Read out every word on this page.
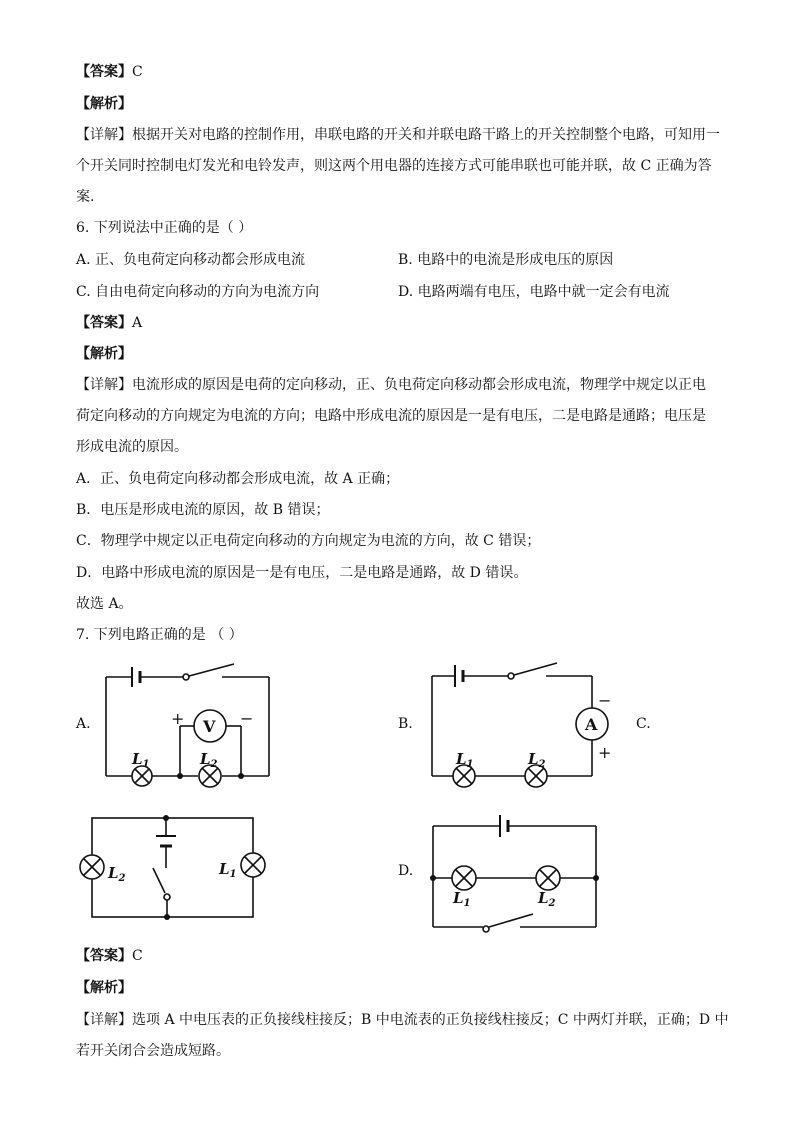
【答案】C
【解析】
【详解】根据开关对电路的控制作用，串联电路的开关和并联电路干路上的开关控制整个电路，可知用一
个开关同时控制电灯发光和电铃发声，则这两个用电器的连接方式可能串联也可能并联，故 C 正确为答
案.
6. 下列说法中正确的是（ ）
A. 正、负电荷定向移动都会形成电流	B. 电路中的电流是形成电压的原因
C. 自由电荷定向移动的方向为电流方向	D. 电路两端有电压，电路中就一定会有电流
【答案】A
【解析】
【详解】电流形成的原因是电荷的定向移动，正、负电荷定向移动都会形成电流，物理学中规定以正电
荷定向移动的方向规定为电流的方向；电路中形成电流的原因是一是有电压，二是电路是通路；电压是
形成电流的原因。
A．正、负电荷定向移动都会形成电流，故 A 正确；
B．电压是形成电流的原因，故 B 错误；
C．物理学中规定以正电荷定向移动的方向规定为电流的方向，故 C 错误；
D．电路中形成电流的原因是一是有电压，二是电路是通路，故 D 错误。
故选 A。
7. 下列电路正确的是 （ ）
A.	B.	C.
D.
V
+	−
$L_1$	$L_2$
A
−
+
$L_1$	$L_2$
$L_2$
$L_1$
$L_1$	$L_2$
【答案】C
【解析】
【详解】选项 A 中电压表的正负接线柱接反；B 中电流表的正负接线柱接反；C 中两灯并联，正确；D 中
若开关闭合会造成短路。
